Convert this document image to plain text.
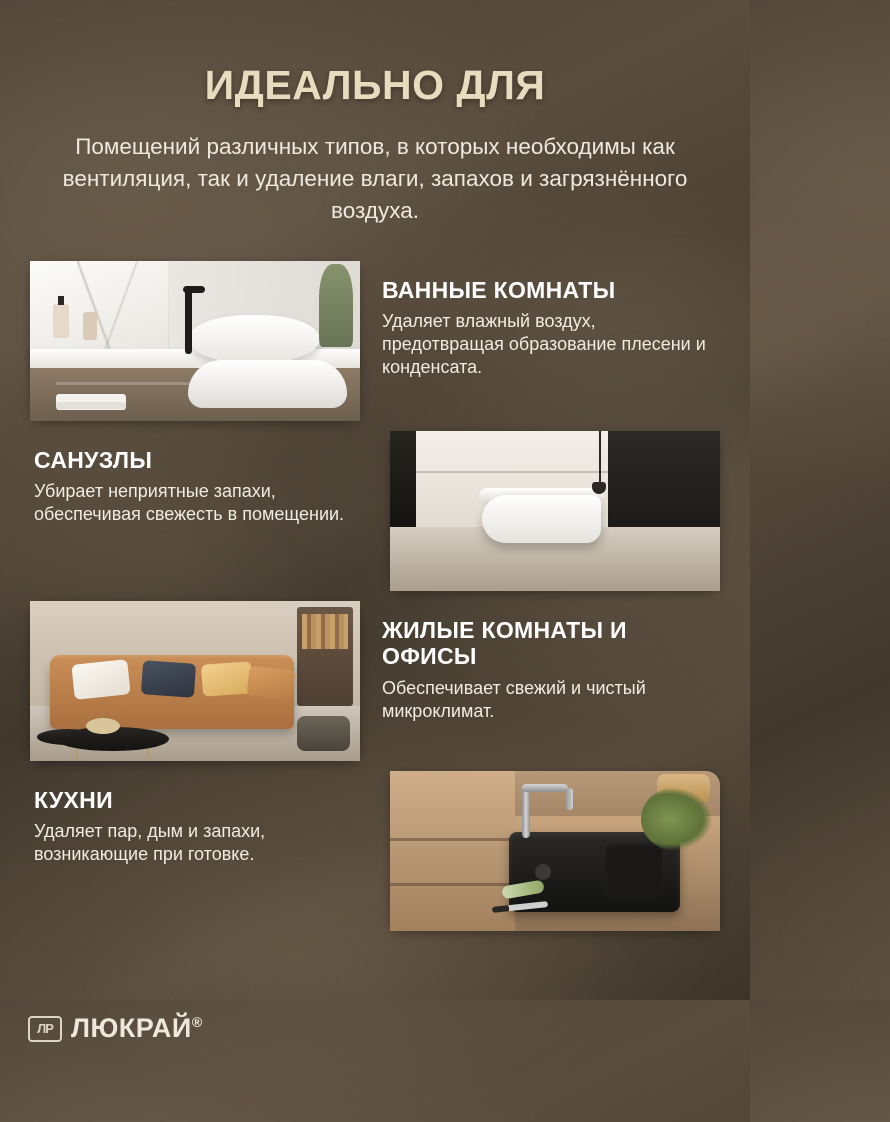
ИДЕАЛЬНО ДЛЯ

Помещений различных типов, в которых необходимы как вентиляция, так и удаление влаги, запахов и загрязнённого воздуха.

ВАННЫЕ КОМНАТЫ
Удаляет влажный воздух, предотвращая образование плесени и конденсата.
САНУЗЛЫ
Убирает неприятные запахи, обеспечивая свежесть в помещении.
ЖИЛЫЕ КОМНАТЫ И ОФИСЫ
Обеспечивает свежий и чистый микроклимат.
КУХНИ
Удаляет пар, дым и запахи, возникающие при готовке.
ЛР ЛЮКРАЙ®
